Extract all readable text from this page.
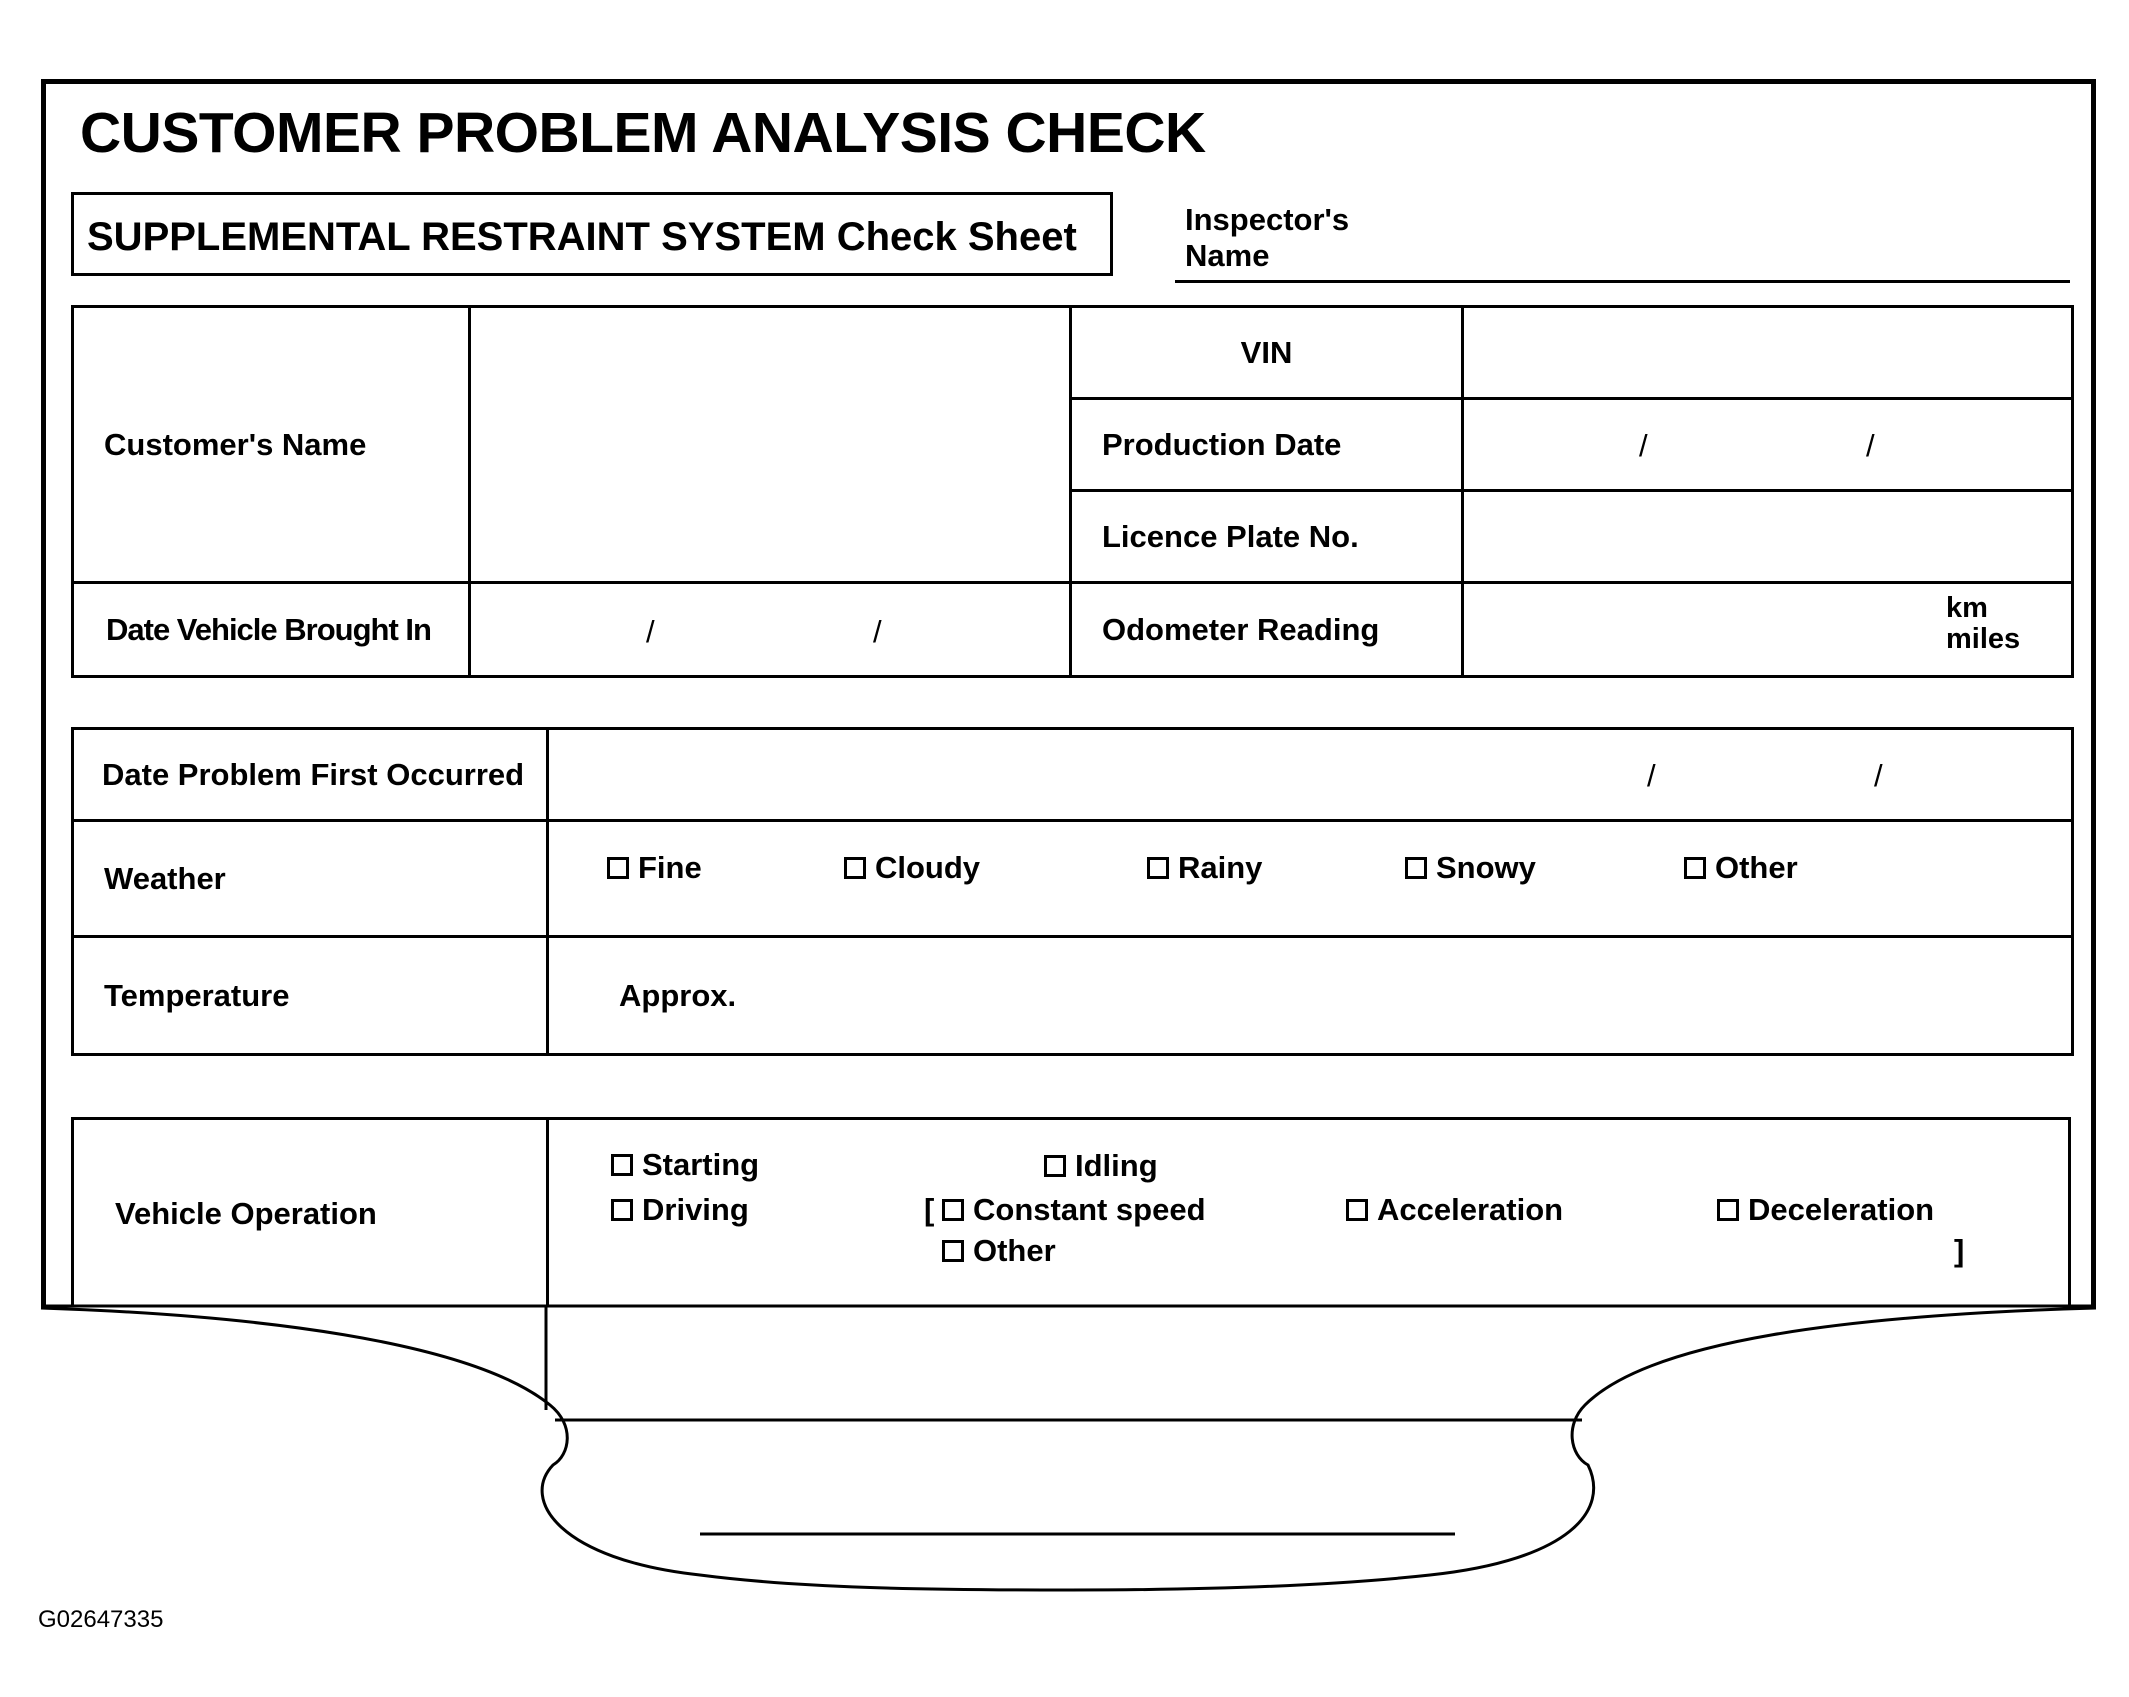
CUSTOMER PROBLEM ANALYSIS CHECK
SUPPLEMENTAL RESTRAINT SYSTEM Check Sheet	Inspector's Name
Customer's Name		VIN	
		Production Date	/ /

		Licence Plate No.	
Date Vehicle Brought In	/ /	Odometer Reading	km
miles
Date Problem First Occurred	/ /

Weather	Fine Cloudy Rainy Snowy Other

Temperature	Approx.
Vehicle Operation
Starting	Idling
Driving	[	Constant speed	Acceleration	Deceleration
Other	]
G02647335
